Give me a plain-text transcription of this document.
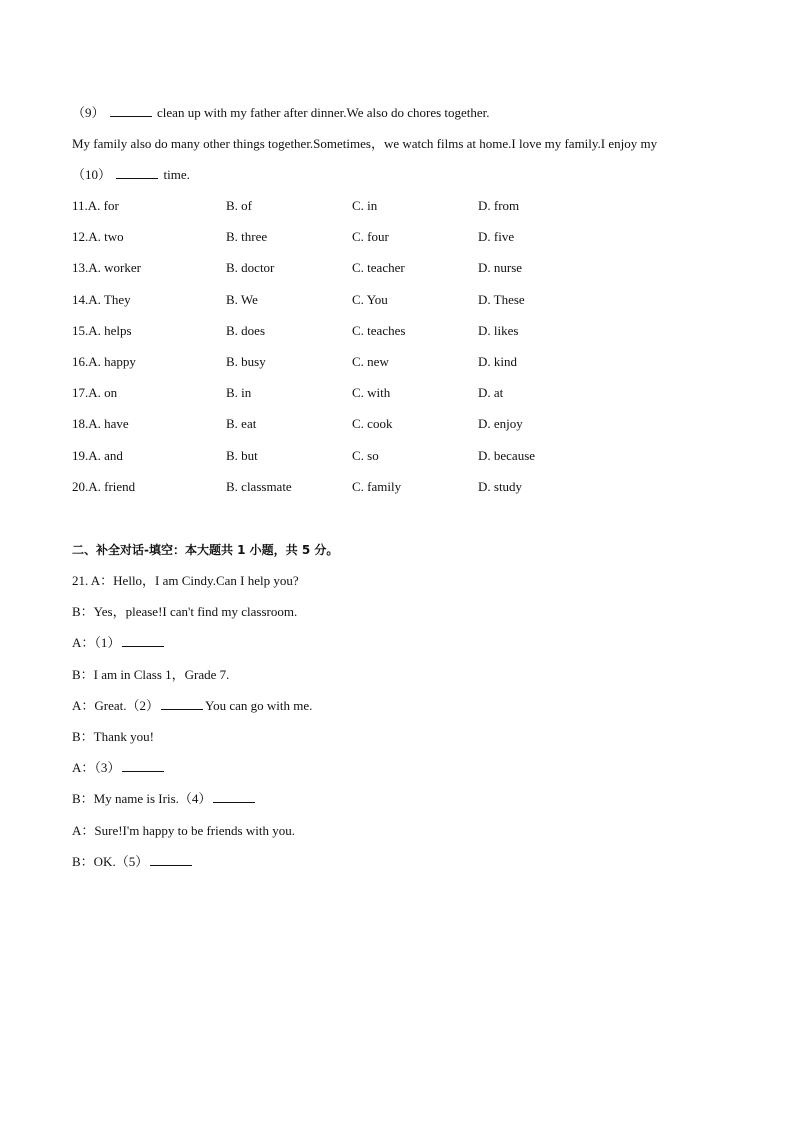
（9）	clean up with my father after dinner.We also do chores together.
My family also do many other things together.Sometimes，we watch films at home.I love my family.I enjoy my
（10）	time.
11.A. for	B. of	C. in	D. from
12.A. two	B. three	C. four	D. five
13.A. worker	B. doctor	C. teacher	D. nurse
14.A. They	B. We	C. You	D. These
15.A. helps	B. does	C. teaches	D. likes
16.A. happy	B. busy	C. new	D. kind
17.A. on	B. in	C. with	D. at
18.A. have	B. eat	C. cook	D. enjoy
19.A. and	B. but	C. so	D. because
20.A. friend	B. classmate	C. family	D. study
二、补全对话-填空：本大题共 1 小题，共 5 分。
21. A：Hello，I am Cindy.Can I help you?
B：Yes，please!I can't find my classroom.
A：（1）
B：I am in Class 1，Grade 7.
A：Great.（2）	You can go with me.
B：Thank you!
A：（3）
B：My name is Iris.（4）
A：Sure!I'm happy to be friends with you.
B：OK.（5）
